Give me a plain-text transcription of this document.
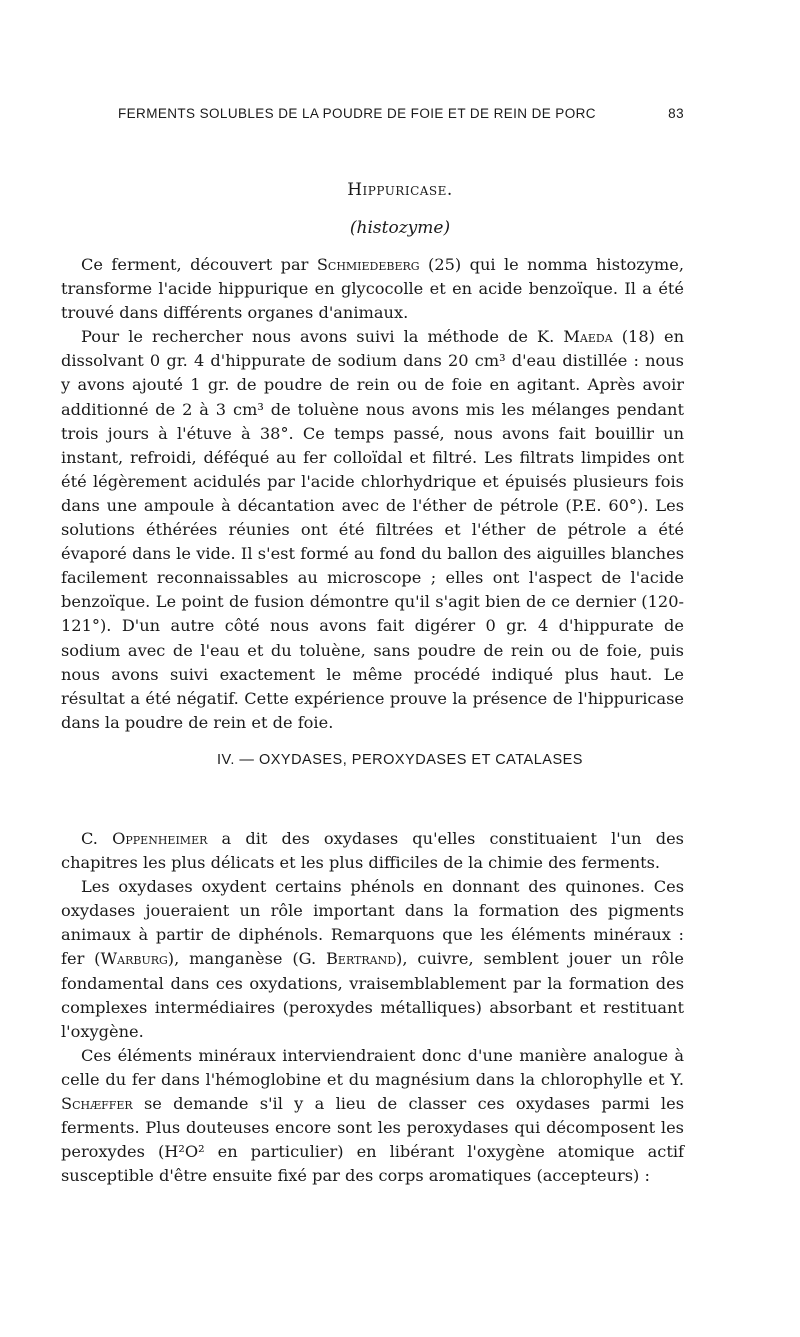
FERMENTS SOLUBLES DE LA POUDRE DE FOIE ET DE REIN DE PORC	83
Hippuricase.
(histozyme)

Ce ferment, découvert par Schmiedeberg (25) qui le nomma histozyme, transforme l'acide hippurique en glycocolle et en acide benzoïque. Il a été trouvé dans différents organes d'animaux.

Pour le rechercher nous avons suivi la méthode de K. Maeda (18) en dissolvant 0 gr. 4 d'hippurate de sodium dans 20 cm³ d'eau distillée : nous y avons ajouté 1 gr. de poudre de rein ou de foie en agitant. Après avoir additionné de 2 à 3 cm³ de toluène nous avons mis les mélanges pendant trois jours à l'étuve à 38°. Ce temps passé, nous avons fait bouillir un instant, refroidi, déféqué au fer colloïdal et filtré. Les filtrats limpides ont été légèrement acidulés par l'acide chlorhydrique et épuisés plusieurs fois dans une ampoule à décantation avec de l'éther de pétrole (P.E. 60°). Les solutions éthérées réunies ont été filtrées et l'éther de pétrole a été évaporé dans le vide. Il s'est formé au fond du ballon des aiguilles blanches facilement reconnaissables au microscope ; elles ont l'aspect de l'acide benzoïque. Le point de fusion démontre qu'il s'agit bien de ce dernier (120-121°). D'un autre côté nous avons fait digérer 0 gr. 4 d'hippurate de sodium avec de l'eau et du toluène, sans poudre de rein ou de foie, puis nous avons suivi exactement le même procédé indiqué plus haut. Le résultat a été négatif. Cette expérience prouve la présence de l'hippuricase dans la poudre de rein et de foie.

IV. — OXYDASES, PEROXYDASES ET CATALASES

C. Oppenheimer a dit des oxydases qu'elles constituaient l'un des chapitres les plus délicats et les plus difficiles de la chimie des ferments.

Les oxydases oxydent certains phénols en donnant des quinones. Ces oxydases joueraient un rôle important dans la formation des pigments animaux à partir de diphénols. Remarquons que les éléments minéraux : fer (Warburg), manganèse (G. Bertrand), cuivre, semblent jouer un rôle fondamental dans ces oxydations, vraisemblablement par la formation des complexes intermédiaires (peroxydes métalliques) absorbant et restituant l'oxygène.

Ces éléments minéraux interviendraient donc d'une manière analogue à celle du fer dans l'hémoglobine et du magnésium dans la chlorophylle et Y. Schæffer se demande s'il y a lieu de classer ces oxydases parmi les ferments. Plus douteuses encore sont les peroxydases qui décomposent les peroxydes (H²O² en particulier) en libérant l'oxygène atomique actif susceptible d'être ensuite fixé par des corps aromatiques (accepteurs) :
